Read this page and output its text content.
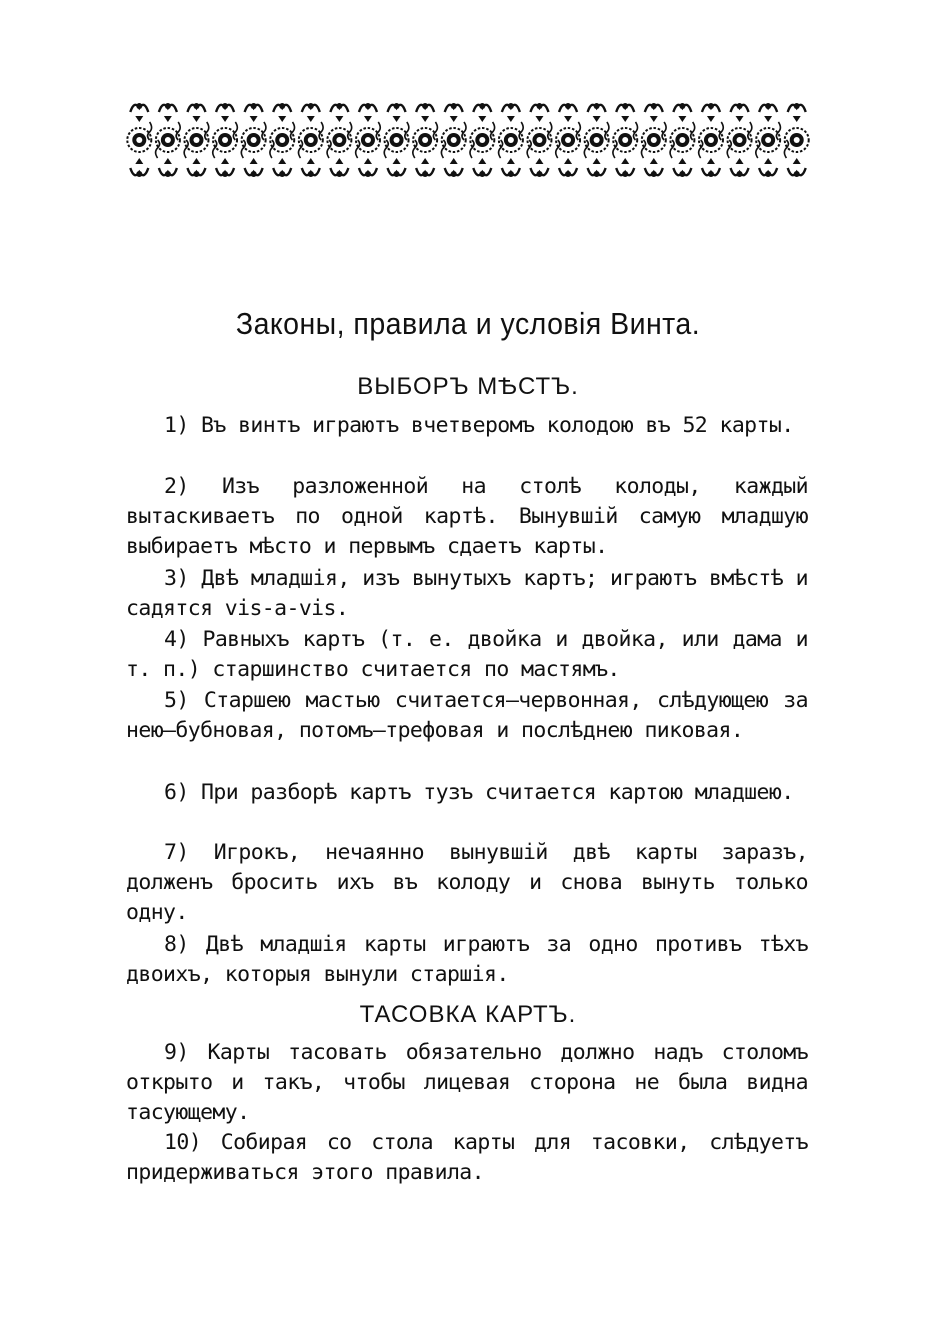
Законы, правила и условія Винта.
ВЫБОРЪ МѢСТЪ.
1) Въ винтъ играютъ вчетверомъ колодою въ 52 карты.
2) Изъ разложенной на столѣ колоды, каждый вытаскиваетъ по одной картѣ. Вынувшій самую младшую выбираетъ мѣсто и первымъ сдаетъ карты.
3) Двѣ младшія, изъ вынутыхъ картъ; играютъ вмѣстѣ и садятся vis-a-vis.
4) Равныхъ картъ (т. е. двойка и двойка, или дама и т. п.) старшинство считается по мастямъ.
5) Старшею мастью считается—червонная, слѣдующею за нею—бубновая, потомъ—трефовая и послѣднею пиковая.
6) При разборѣ картъ тузъ считается картою младшею.
7) Игрокъ, нечаянно вынувшій двѣ карты заразъ, долженъ бросить ихъ въ колоду и снова вынуть только одну.
8) Двѣ младшія карты играютъ за одно противъ тѣхъ двоихъ, которыя вынули старшія.
ТАСОВКА КАРТЪ.
9) Карты тасовать обязательно должно надъ столомъ открыто и такъ, чтобы лицевая сторона не была видна тасующему.
10) Собирая со стола карты для тасовки, слѣдуетъ придерживаться этого правила.
